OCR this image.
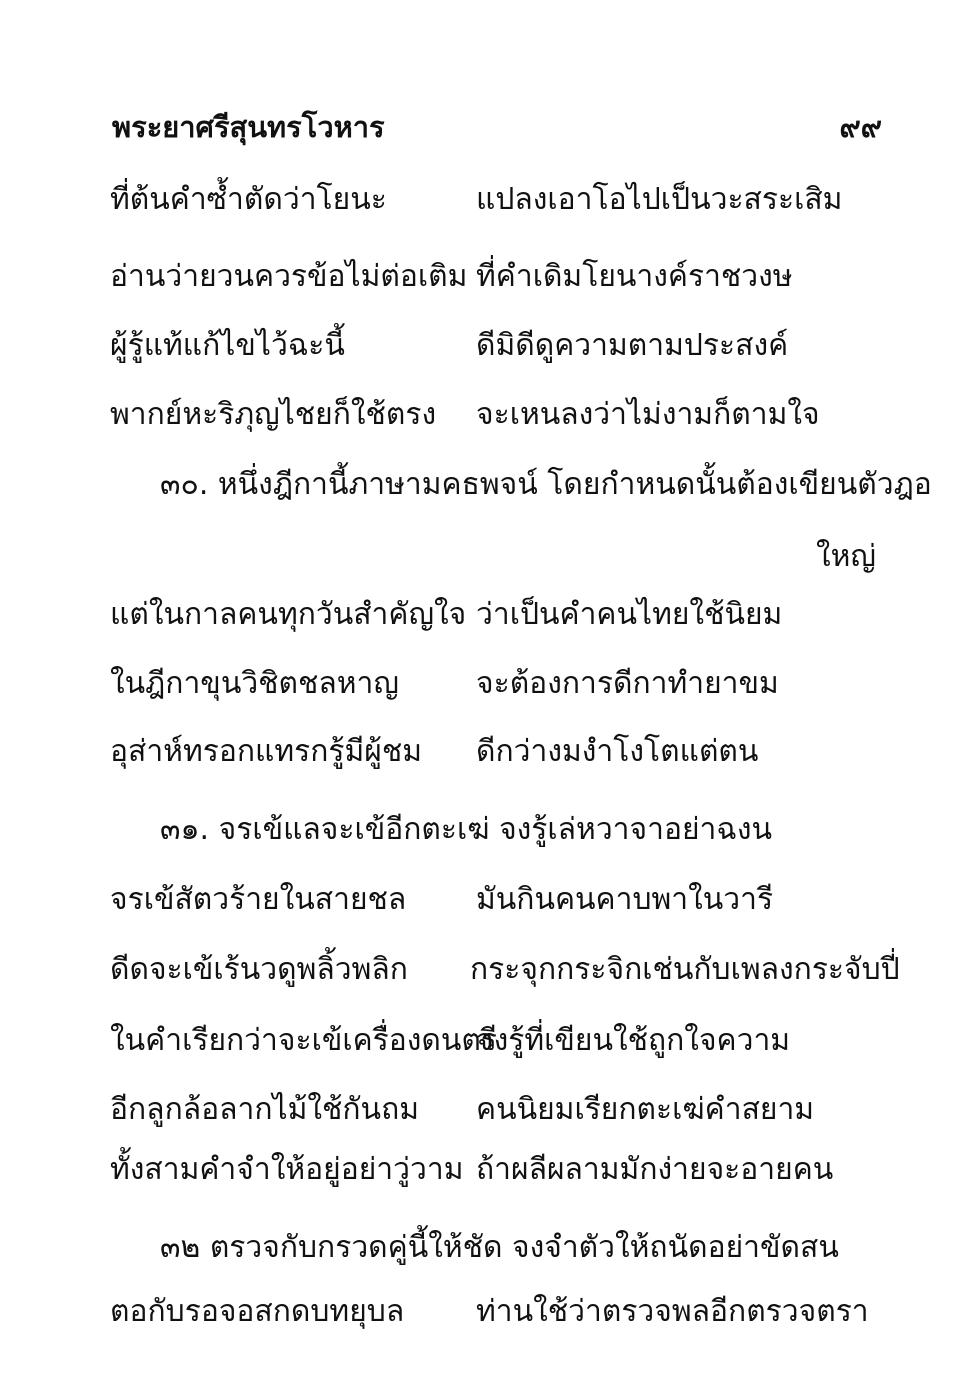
พระยาศรีสุนทรโวหาร	๙๙
ที่ต้นคำซ้ำตัดว่าโยนะ	แปลงเอาโอไปเป็นวะสระเสิม
อ่านว่ายวนควรข้อไม่ต่อเติม ที่คำเดิมโยนางค์ราชวงษ
ผู้รู้แท้แก้ไขไว้ฉะนี้	ดีมิดีดูความตามประสงค์
พากย์หะริภุญไชยก็ใช้ตรง จะเหนลงว่าไม่งามก็ตามใจ
๓๐. หนึ่งฎีกานี้ภาษามคธพจน์ โดยกำหนดนั้นต้องเขียนตัวฎอ
ใหญ่
แต่ในกาลคนทุกวันสำคัญใจ ว่าเป็นคำคนไทยใช้นิยม
ในฎีกาขุนวิชิตชลหาญ	จะต้องการดีกาทำยาขม
อุส่าห์ทรอกแทรกรู้มีผู้ชม ดีกว่างมงำโงโตแต่ตน
๓๑. จรเข้แลจะเข้อีกตะเฆ่ จงรู้เล่หวาจาอย่าฉงน
จรเข้สัตวร้ายในสายชล มันกินคนคาบพาในวารี
ดีดจะเข้เร้นวดูพลิ้วพลิก กระจุกกระจิกเช่นกับเพลงกระจับปี่
ในคำเรียกว่าจะเข้เครื่องดนตรี
จงรู้ที่เขียนใช้ถูกใจความ
อีกลูกล้อลากไม้ใช้กันถม คนนิยมเรียกตะเฆ่คำสยาม
ทั้งสามคำจำให้อยู่อย่าวู่วาม ถ้าผลีผลามมักง่ายจะอายคน
๓๒ ตรวจกับกรวดคู่นี้ให้ชัด จงจำตัวให้ถนัดอย่าขัดสน
ตอกับรอจอสกดบทยุบล ท่านใช้ว่าตรวจพลอีกตรวจตรา
